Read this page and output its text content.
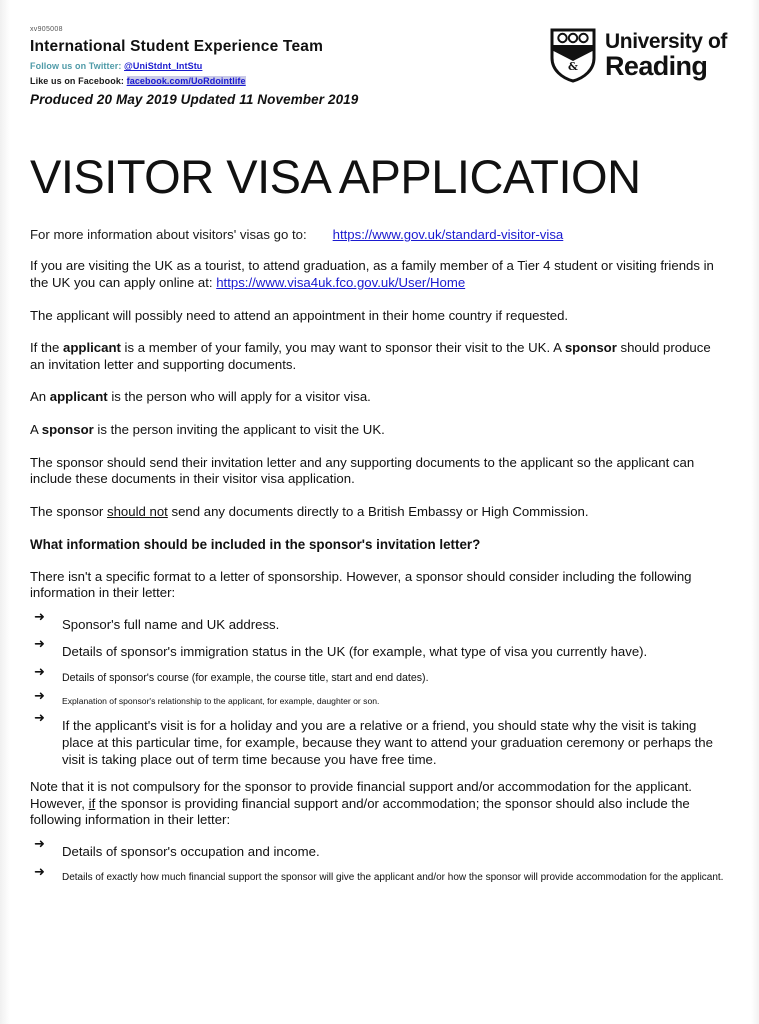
xv905008
International Student Experience Team
Follow us on Twitter: @UniStdnt_IntStu
Like us on Facebook: facebook.com/UoRdointlife
Produced 20 May 2019 Updated 11 November 2019
&
University of
Reading
VISITOR VISA APPLICATION
For more information about visitors' visas go to: https://www.gov.uk/standard-visitor-visa

If you are visiting the UK as a tourist, to attend graduation, as a family member of a Tier 4 student or visiting friends in the UK you can apply online at: https://www.visa4uk.fco.gov.uk/User/Home

The applicant will possibly need to attend an appointment in their home country if requested.

If the applicant is a member of your family, you may want to sponsor their visit to the UK. A sponsor should produce an invitation letter and supporting documents.

An applicant is the person who will apply for a visitor visa.

A sponsor is the person inviting the applicant to visit the UK.

The sponsor should send their invitation letter and any supporting documents to the applicant so the applicant can include these documents in their visitor visa application.

The sponsor should not send any documents directly to a British Embassy or High Commission.

What information should be included in the sponsor's invitation letter?

There isn't a specific format to a letter of sponsorship. However, a sponsor should consider including the following information in their letter:

➜ Sponsor's full name and UK address.
➜ Details of sponsor's immigration status in the UK (for example, what type of visa you currently have).
➜ Details of sponsor's course (for example, the course title, start and end dates).
➜ Explanation of sponsor's relationship to the applicant, for example, daughter or son.
➜ If the applicant's visit is for a holiday and you are a relative or a friend, you should state why the visit is taking place at this particular time, for example, because they want to attend your graduation ceremony or perhaps the visit is taking place out of term time because you have free time.

Note that it is not compulsory for the sponsor to provide financial support and/or accommodation for the applicant. However, if the sponsor is providing financial support and/or accommodation; the sponsor should also include the following information in their letter:

➜ Details of sponsor's occupation and income.
➜ Details of exactly how much financial support the sponsor will give the applicant and/or how the sponsor will provide accommodation for the applicant.
